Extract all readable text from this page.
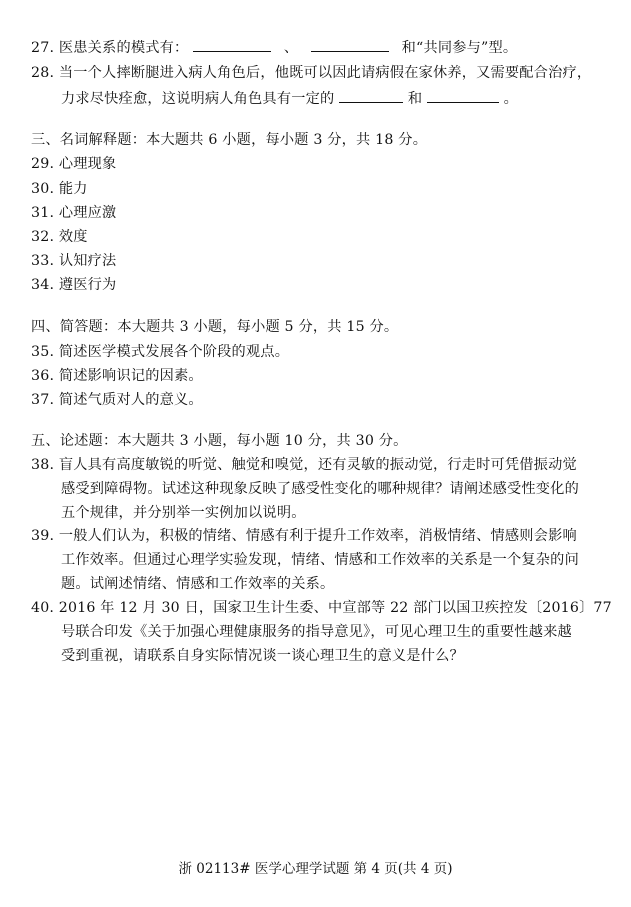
27. 医患关系的模式有：	、	和“共同参与”型。
28. 当一个人摔断腿进入病人角色后，他既可以因此请病假在家休养，又需要配合治疗，
力求尽快痊愈，这说明病人角色具有一定的	和	。
三、名词解释题：本大题共 6 小题，每小题 3 分，共 18 分。
29. 心理现象
30. 能力
31. 心理应激
32. 效度
33. 认知疗法
34. 遵医行为
四、简答题：本大题共 3 小题，每小题 5 分，共 15 分。
35. 简述医学模式发展各个阶段的观点。
36. 简述影响识记的因素。
37. 简述气质对人的意义。
五、论述题：本大题共 3 小题，每小题 10 分，共 30 分。
38. 盲人具有高度敏锐的听觉、触觉和嗅觉，还有灵敏的振动觉，行走时可凭借振动觉
感受到障碍物。试述这种现象反映了感受性变化的哪种规律？请阐述感受性变化的
五个规律，并分别举一实例加以说明。
39. 一般人们认为，积极的情绪、情感有利于提升工作效率，消极情绪、情感则会影响
工作效率。但通过心理学实验发现，情绪、情感和工作效率的关系是一个复杂的问
题。试阐述情绪、情感和工作效率的关系。
40. 2016 年 12 月 30 日，国家卫生计生委、中宣部等 22 部门以国卫疾控发〔2016〕77
号联合印发《关于加强心理健康服务的指导意见》，可见心理卫生的重要性越来越
受到重视，请联系自身实际情况谈一谈心理卫生的意义是什么？
浙 02113# 医学心理学试题 第 4 页(共 4 页)
